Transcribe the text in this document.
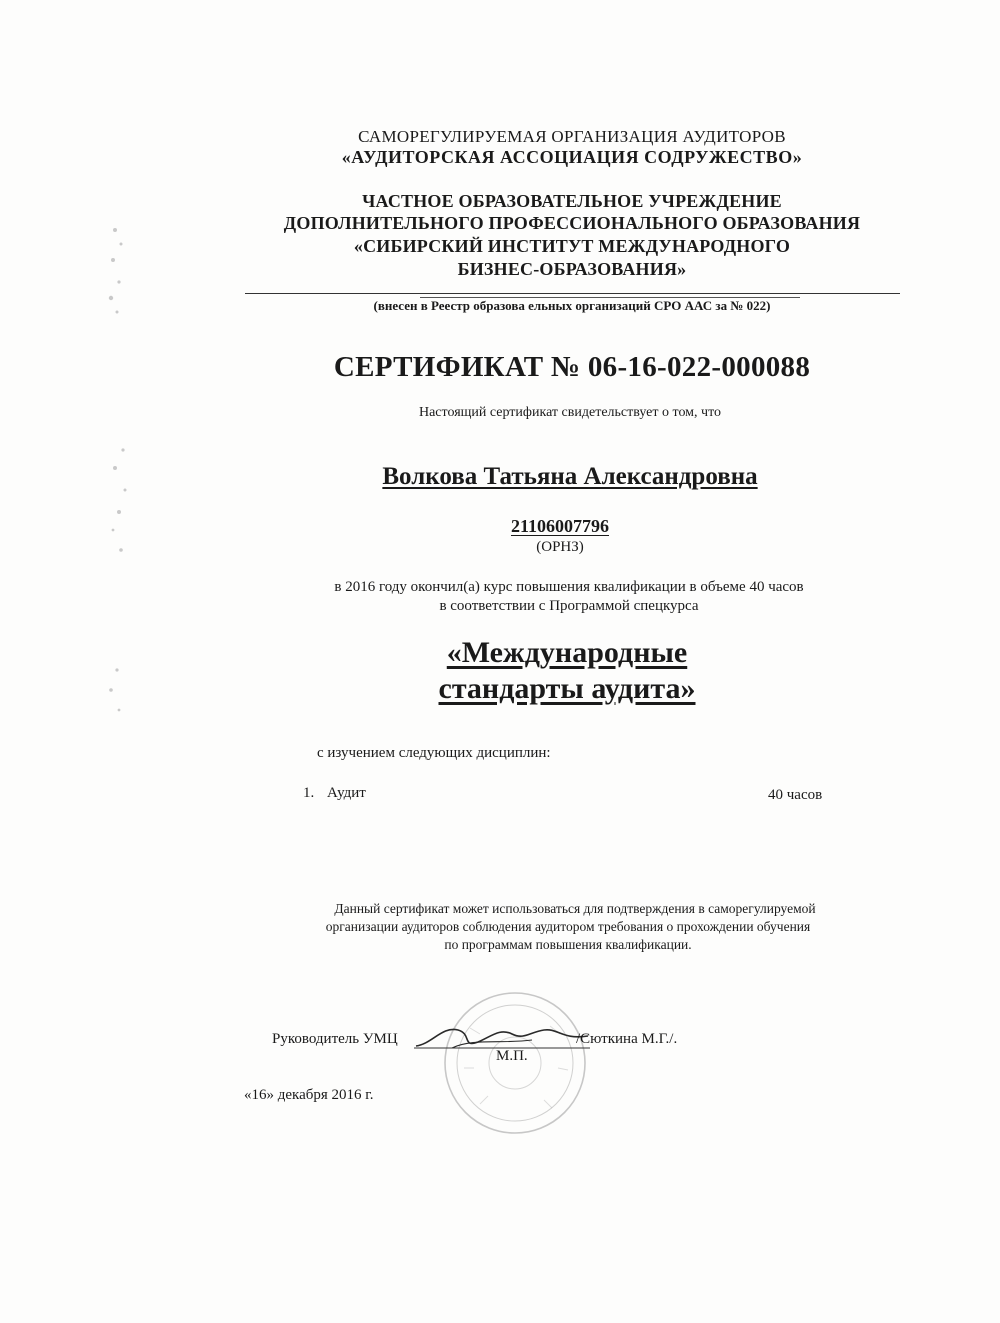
САМОРЕГУЛИРУЕМАЯ ОРГАНИЗАЦИЯ АУДИТОРОВ
«АУДИТОРСКАЯ АССОЦИАЦИЯ СОДРУЖЕСТВО»
ЧАСТНОЕ ОБРАЗОВАТЕЛЬНОЕ УЧРЕЖДЕНИЕ
ДОПОЛНИТЕЛЬНОГО ПРОФЕССИОНАЛЬНОГО ОБРАЗОВАНИЯ
«СИБИРСКИЙ ИНСТИТУТ МЕЖДУНАРОДНОГО
БИЗНЕС-ОБРАЗОВАНИЯ»
(внесен в Реестр образова ельных организаций СРО ААС за № 022)
СЕРТИФИКАТ № 06-16-022-000088
Настоящий сертификат свидетельствует о том, что
Волкова Татьяна Александровна
21106007796
(ОРНЗ)
в 2016 году окончил(а) курс повышения квалификации в объеме 40 часов
в соответствии с Программой спецкурса
«Международные
стандарты аудита»
с изучением следующих дисциплин:
1. Аудит	40 часов
Данный сертификат может использоваться для подтверждения в саморегулируемой
организации аудиторов соблюдения аудитором требования о прохождении обучения
по программам повышения квалификации.
Руководитель УМЦ	/Сюткина М.Г./.
М.П.
«16» декабря 2016 г.
